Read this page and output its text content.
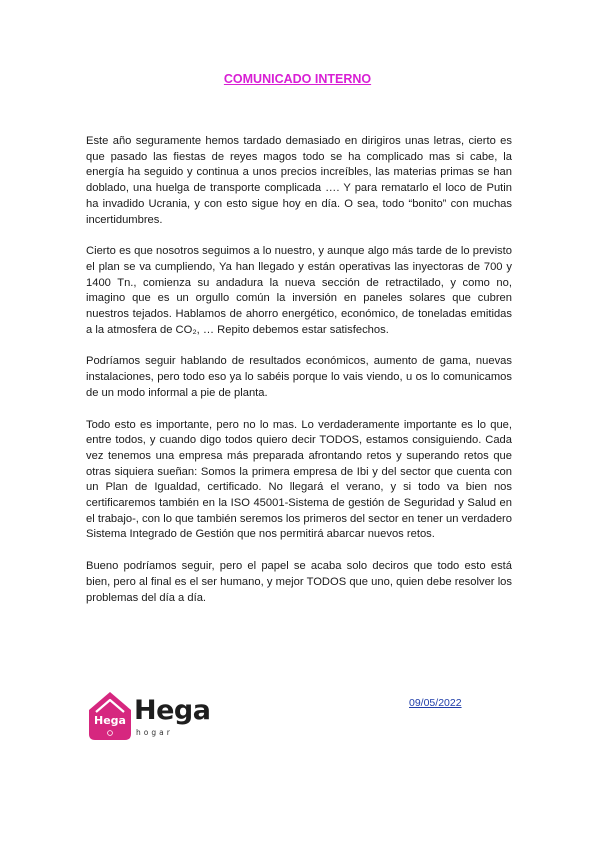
COMUNICADO INTERNO

Este año seguramente hemos tardado demasiado en dirigiros unas letras, cierto es que pasado las fiestas de reyes magos todo se ha complicado mas si cabe, la energía ha seguido y continua a unos precios increíbles, las materias primas se han doblado, una huelga de transporte complicada …. Y para rematarlo el loco de Putin ha invadido Ucrania, y con esto sigue hoy en día. O sea, todo “bonito” con muchas incertidumbres.

Cierto es que nosotros seguimos a lo nuestro, y aunque algo más tarde de lo previsto el plan se va cumpliendo, Ya han llegado y están operativas las inyectoras de 700 y 1400 Tn., comienza su andadura la nueva sección de retractilado, y como no, imagino que es un orgullo común la inversión en paneles solares que cubren nuestros tejados. Hablamos de ahorro energético, económico, de toneladas emitidas a la atmosfera de CO₂, … Repito debemos estar satisfechos.

Podríamos seguir hablando de resultados económicos, aumento de gama, nuevas instalaciones, pero todo eso ya lo sabéis porque lo vais viendo, u os lo comunicamos de un modo informal a pie de planta.

Todo esto es importante, pero no lo mas. Lo verdaderamente importante es lo que, entre todos, y cuando digo todos quiero decir TODOS, estamos consiguiendo. Cada vez tenemos una empresa más preparada afrontando retos y superando retos que otras siquiera sueñan: Somos la primera empresa de Ibi y del sector que cuenta con un Plan de Igualdad, certificado. No llegará el verano, y si todo va bien nos certificaremos también en la ISO 45001-Sistema de gestión de Seguridad y Salud en el trabajo-, con lo que también seremos los primeros del sector en tener un verdadero Sistema Integrado de Gestión que nos permitirá abarcar nuevos retos.

Bueno podríamos seguir, pero el papel se acaba solo deciros que todo esto está bien, pero al final es el ser humano, y mejor TODOS que uno, quien debe resolver los problemas del día a día.

Hega Hega
hogar
09/05/2022
